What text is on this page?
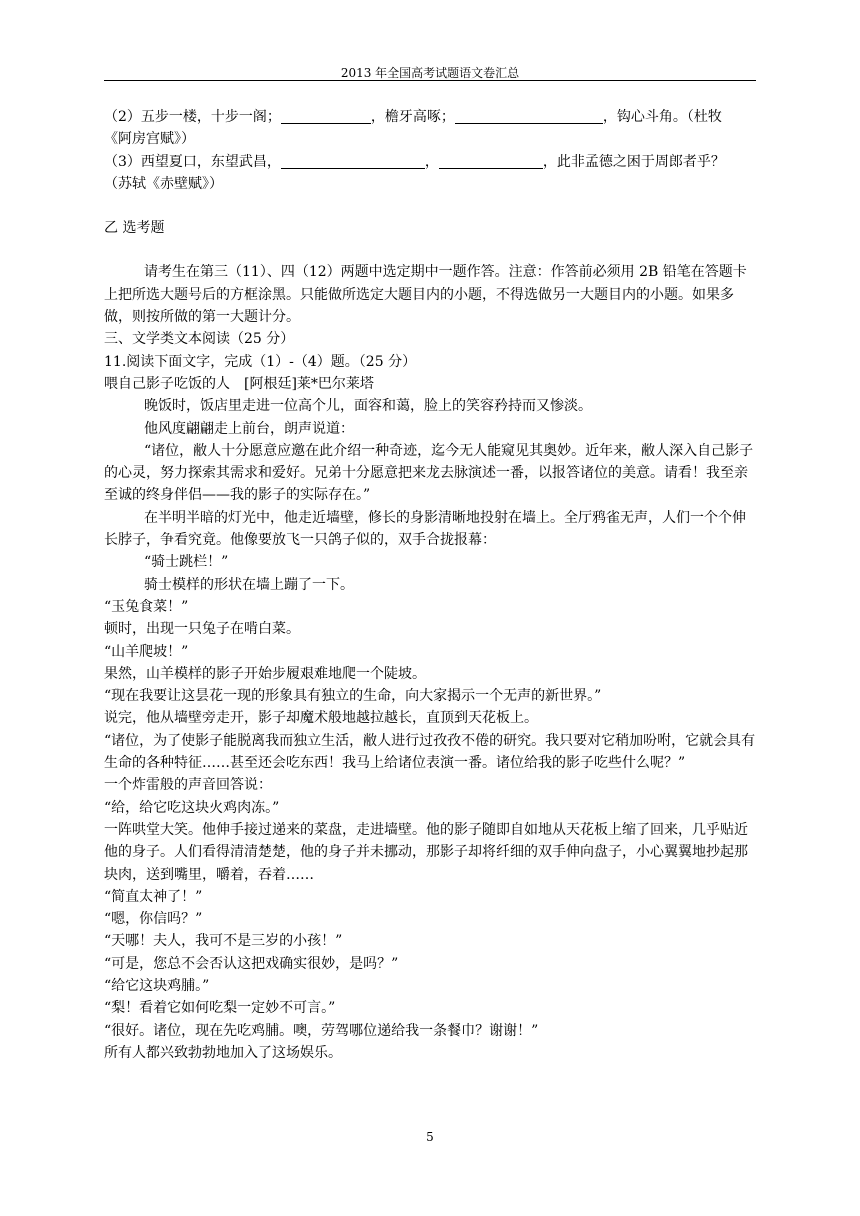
2013 年全国高考试题语文卷汇总

（2）五步一楼，十步一阁；	，檐牙高啄；	，钩心斗角。（杜牧
《阿房宫赋》）

（3）西望夏口，东望武昌，	，	，此非孟德之困于周郎者乎？
（苏轼《赤壁赋》）

乙 选考题

请考生在第三（11）、四（12）两题中选定期中一题作答。注意：作答前必须用 2B 铅笔在答题卡上把所选大题号后的方框涂黑。只能做所选定大题目内的小题，不得选做另一大题目内的小题。如果多做，则按所做的第一大题计分。

三、文学类文本阅读（25 分）

11.阅读下面文字，完成（1）-（4）题。（25 分）

喂自己影子吃饭的人　[阿根廷]莱*巴尔莱塔

晚饭时，饭店里走进一位高个儿，面容和蔼，脸上的笑容矜持而又惨淡。

他风度翩翩走上前台，朗声说道：

“诸位，敝人十分愿意应邀在此介绍一种奇迹，迄今无人能窥见其奥妙。近年来，敝人深入自己影子的心灵，努力探索其需求和爱好。兄弟十分愿意把来龙去脉演述一番，以报答诸位的美意。请看！我至亲至诚的终身伴侣——我的影子的实际存在。”

在半明半暗的灯光中，他走近墙壁，修长的身影清晰地投射在墙上。全厅鸦雀无声，人们一个个伸长脖子，争看究竟。他像要放飞一只鸽子似的，双手合拢报幕：

“骑士跳栏！”

骑士模样的形状在墙上蹦了一下。

“玉兔食菜！”

顿时，出现一只兔子在啃白菜。

“山羊爬坡！”

果然，山羊模样的影子开始步履艰难地爬一个陡坡。

“现在我要让这昙花一现的形象具有独立的生命，向大家揭示一个无声的新世界。”

说完，他从墙壁旁走开，影子却魔术般地越拉越长，直顶到天花板上。

“诸位，为了使影子能脱离我而独立生活，敝人进行过孜孜不倦的研究。我只要对它稍加吩咐，它就会具有生命的各种特征……甚至还会吃东西！我马上给诸位表演一番。诸位给我的影子吃些什么呢？”

一个炸雷般的声音回答说：

“给，给它吃这块火鸡肉冻。”

一阵哄堂大笑。他伸手接过递来的菜盘，走进墙壁。他的影子随即自如地从天花板上缩了回来，几乎贴近他的身子。人们看得清清楚楚，他的身子并未挪动，那影子却将纤细的双手伸向盘子，小心翼翼地抄起那块肉，送到嘴里，嚼着，吞着……

“简直太神了！”

“嗯，你信吗？”

“天哪！夫人，我可不是三岁的小孩！”

“可是，您总不会否认这把戏确实很妙，是吗？”

“给它这块鸡脯。”

“梨！看着它如何吃梨一定妙不可言。”

“很好。诸位，现在先吃鸡脯。噢，劳驾哪位递给我一条餐巾？谢谢！”

所有人都兴致勃勃地加入了这场娱乐。

5
